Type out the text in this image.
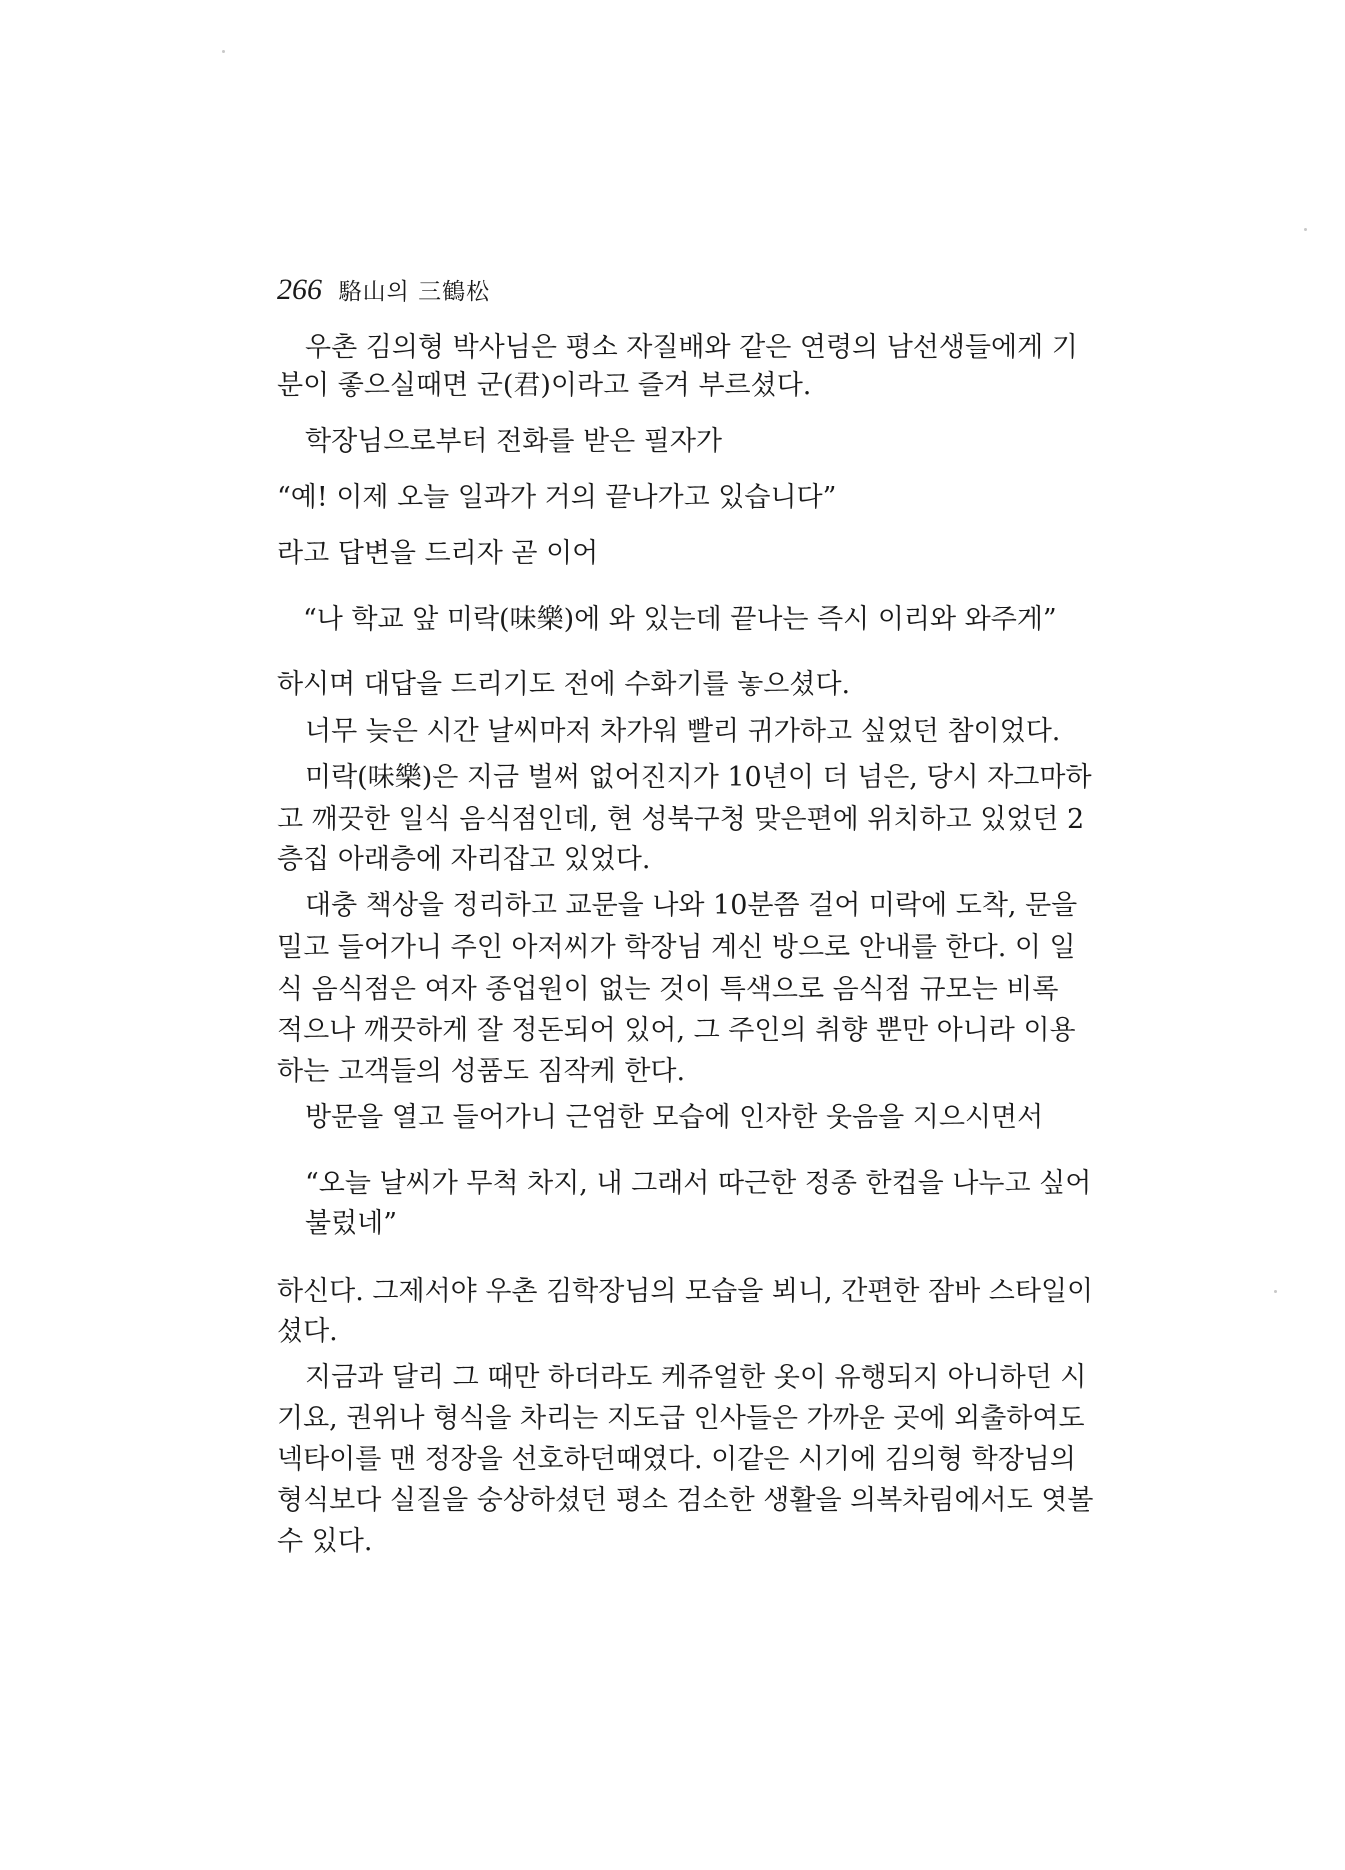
266 駱山의 三鶴松
우촌 김의형 박사님은 평소 자질배와 같은 연령의 남선생들에게 기
분이 좋으실때면 군(君)이라고 즐겨 부르셨다.
학장님으로부터 전화를 받은 필자가
“예! 이제 오늘 일과가 거의 끝나가고 있습니다”
라고 답변을 드리자 곧 이어
“나 학교 앞 미락(味樂)에 와 있는데 끝나는 즉시 이리와 와주게”
하시며 대답을 드리기도 전에 수화기를 놓으셨다.
너무 늦은 시간 날씨마저 차가워 빨리 귀가하고 싶었던 참이었다.
미락(味樂)은 지금 벌써 없어진지가 10년이 더 넘은, 당시 자그마하
고 깨끗한 일식 음식점인데, 현 성북구청 맞은편에 위치하고 있었던 2
층집 아래층에 자리잡고 있었다.
대충 책상을 정리하고 교문을 나와 10분쯤 걸어 미락에 도착, 문을
밀고 들어가니 주인 아저씨가 학장님 계신 방으로 안내를 한다. 이 일
식 음식점은 여자 종업원이 없는 것이 특색으로 음식점 규모는 비록
적으나 깨끗하게 잘 정돈되어 있어, 그 주인의 취향 뿐만 아니라 이용
하는 고객들의 성품도 짐작케 한다.
방문을 열고 들어가니 근엄한 모습에 인자한 웃음을 지으시면서
“오늘 날씨가 무척 차지, 내 그래서 따근한 정종 한컵을 나누고 싶어
불렀네”
하신다. 그제서야 우촌 김학장님의 모습을 뵈니, 간편한 잠바 스타일이
셨다.
지금과 달리 그 때만 하더라도 케쥬얼한 옷이 유행되지 아니하던 시
기요, 권위나 형식을 차리는 지도급 인사들은 가까운 곳에 외출하여도
넥타이를 맨 정장을 선호하던때였다. 이같은 시기에 김의형 학장님의
형식보다 실질을 숭상하셨던 평소 검소한 생활을 의복차림에서도 엿볼
수 있다.
